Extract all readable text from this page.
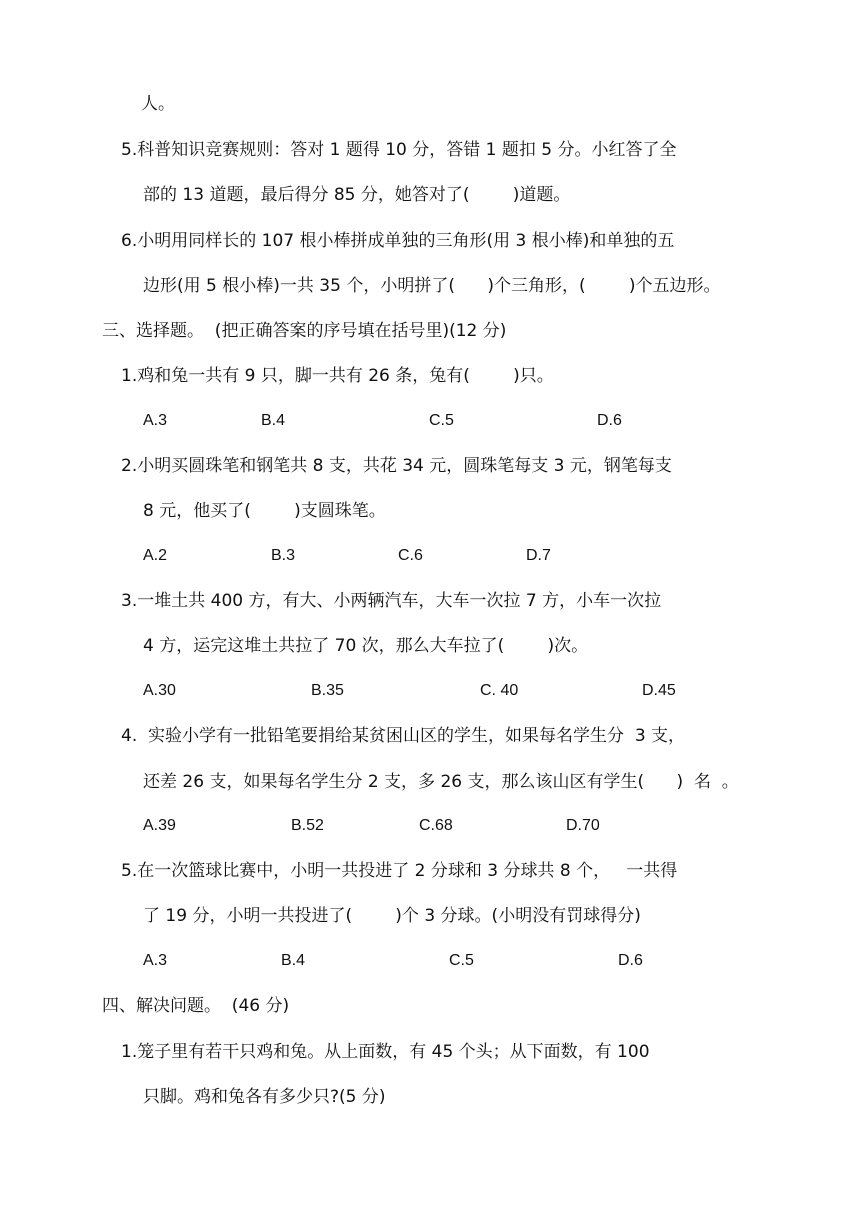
人。
5.科普知识竞赛规则：答对 1 题得 10 分，答错 1 题扣 5 分。小红答了全
部的 13 道题，最后得分 85 分，她答对了(        )道题。
6.小明用同样长的 107 根小棒拼成单独的三角形(用 3 根小棒)和单独的五
边形(用 5 根小棒)一共 35 个，小明拼了(      )个三角形，(        )个五边形。
三、选择题。  (把正确答案的序号填在括号里)(12 分)
1.鸡和兔一共有 9 只，脚一共有 26 条，兔有(        )只。
A.3	B.4	C.5	D.6
2.小明买圆珠笔和钢笔共 8 支，共花 34 元，圆珠笔每支 3 元，钢笔每支
8 元，他买了(        )支圆珠笔。
A.2	B.3	C.6	D.7
3.一堆土共 400 方，有大、小两辆汽车，大车一次拉 7 方，小车一次拉
4 方，运完这堆土共拉了 70 次，那么大车拉了(        )次。
A.30	B.35	C. 40	D.45
4.  实验小学有一批铅笔要捐给某贫困山区的学生，如果每名学生分  3 支，
还差 26 支，如果每名学生分 2 支，多 26 支，那么该山区有学生(      )  名  。
A.39	B.52	C.68	D.70
5.在一次篮球比赛中，小明一共投进了 2 分球和 3 分球共 8 个，   一共得
了 19 分，小明一共投进了(        )个 3 分球。(小明没有罚球得分)
A.3	B.4	C.5	D.6
四、解决问题。  (46 分)
1.笼子里有若干只鸡和兔。从上面数，有 45 个头；从下面数，有 100
只脚。鸡和兔各有多少只?(5 分)
